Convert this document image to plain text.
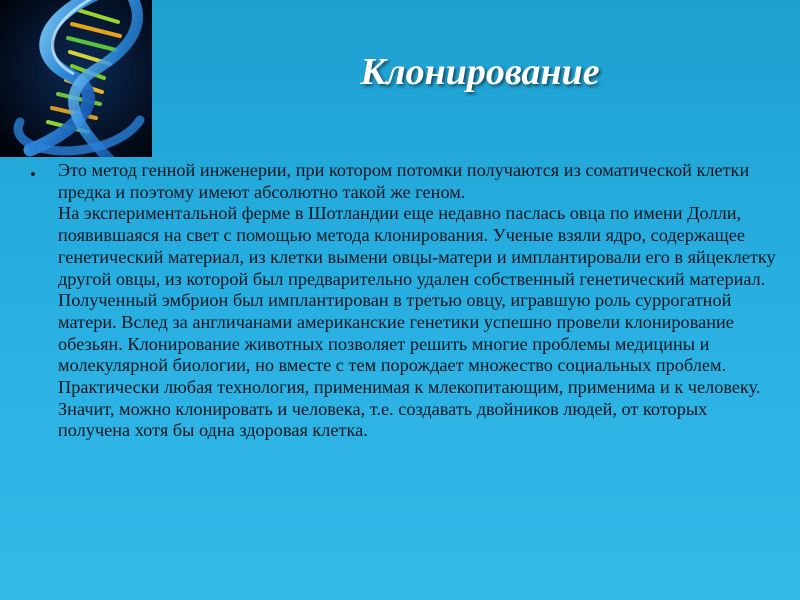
Клонирование
• Это метод генной инженерии, при котором потомки получаются из соматической клетки предка и поэтому имеют абсолютно такой же геном.
На экспериментальной ферме в Шотландии еще недавно паслась овца по имени Долли, появившаяся на свет с помощью метода клонирования. Ученые взяли ядро, содержащее генетический материал, из клетки вымени овцы-матери и имплантировали его в яйцеклетку другой овцы, из которой был предварительно удален собственный генетический материал. Полученный эмбрион был имплантирован в третью овцу, игравшую роль суррогатной матери. Вслед за англичанами американские генетики успешно провели клонирование обезьян. Клонирование животных позволяет решить многие проблемы медицины и молекулярной биологии, но вместе с тем порождает множество социальных проблем.
Практически любая технология, применимая к млекопитающим, применима и к человеку. Значит, можно клонировать и человека, т.е. создавать двойников людей, от которых получена хотя бы одна здоровая клетка.
